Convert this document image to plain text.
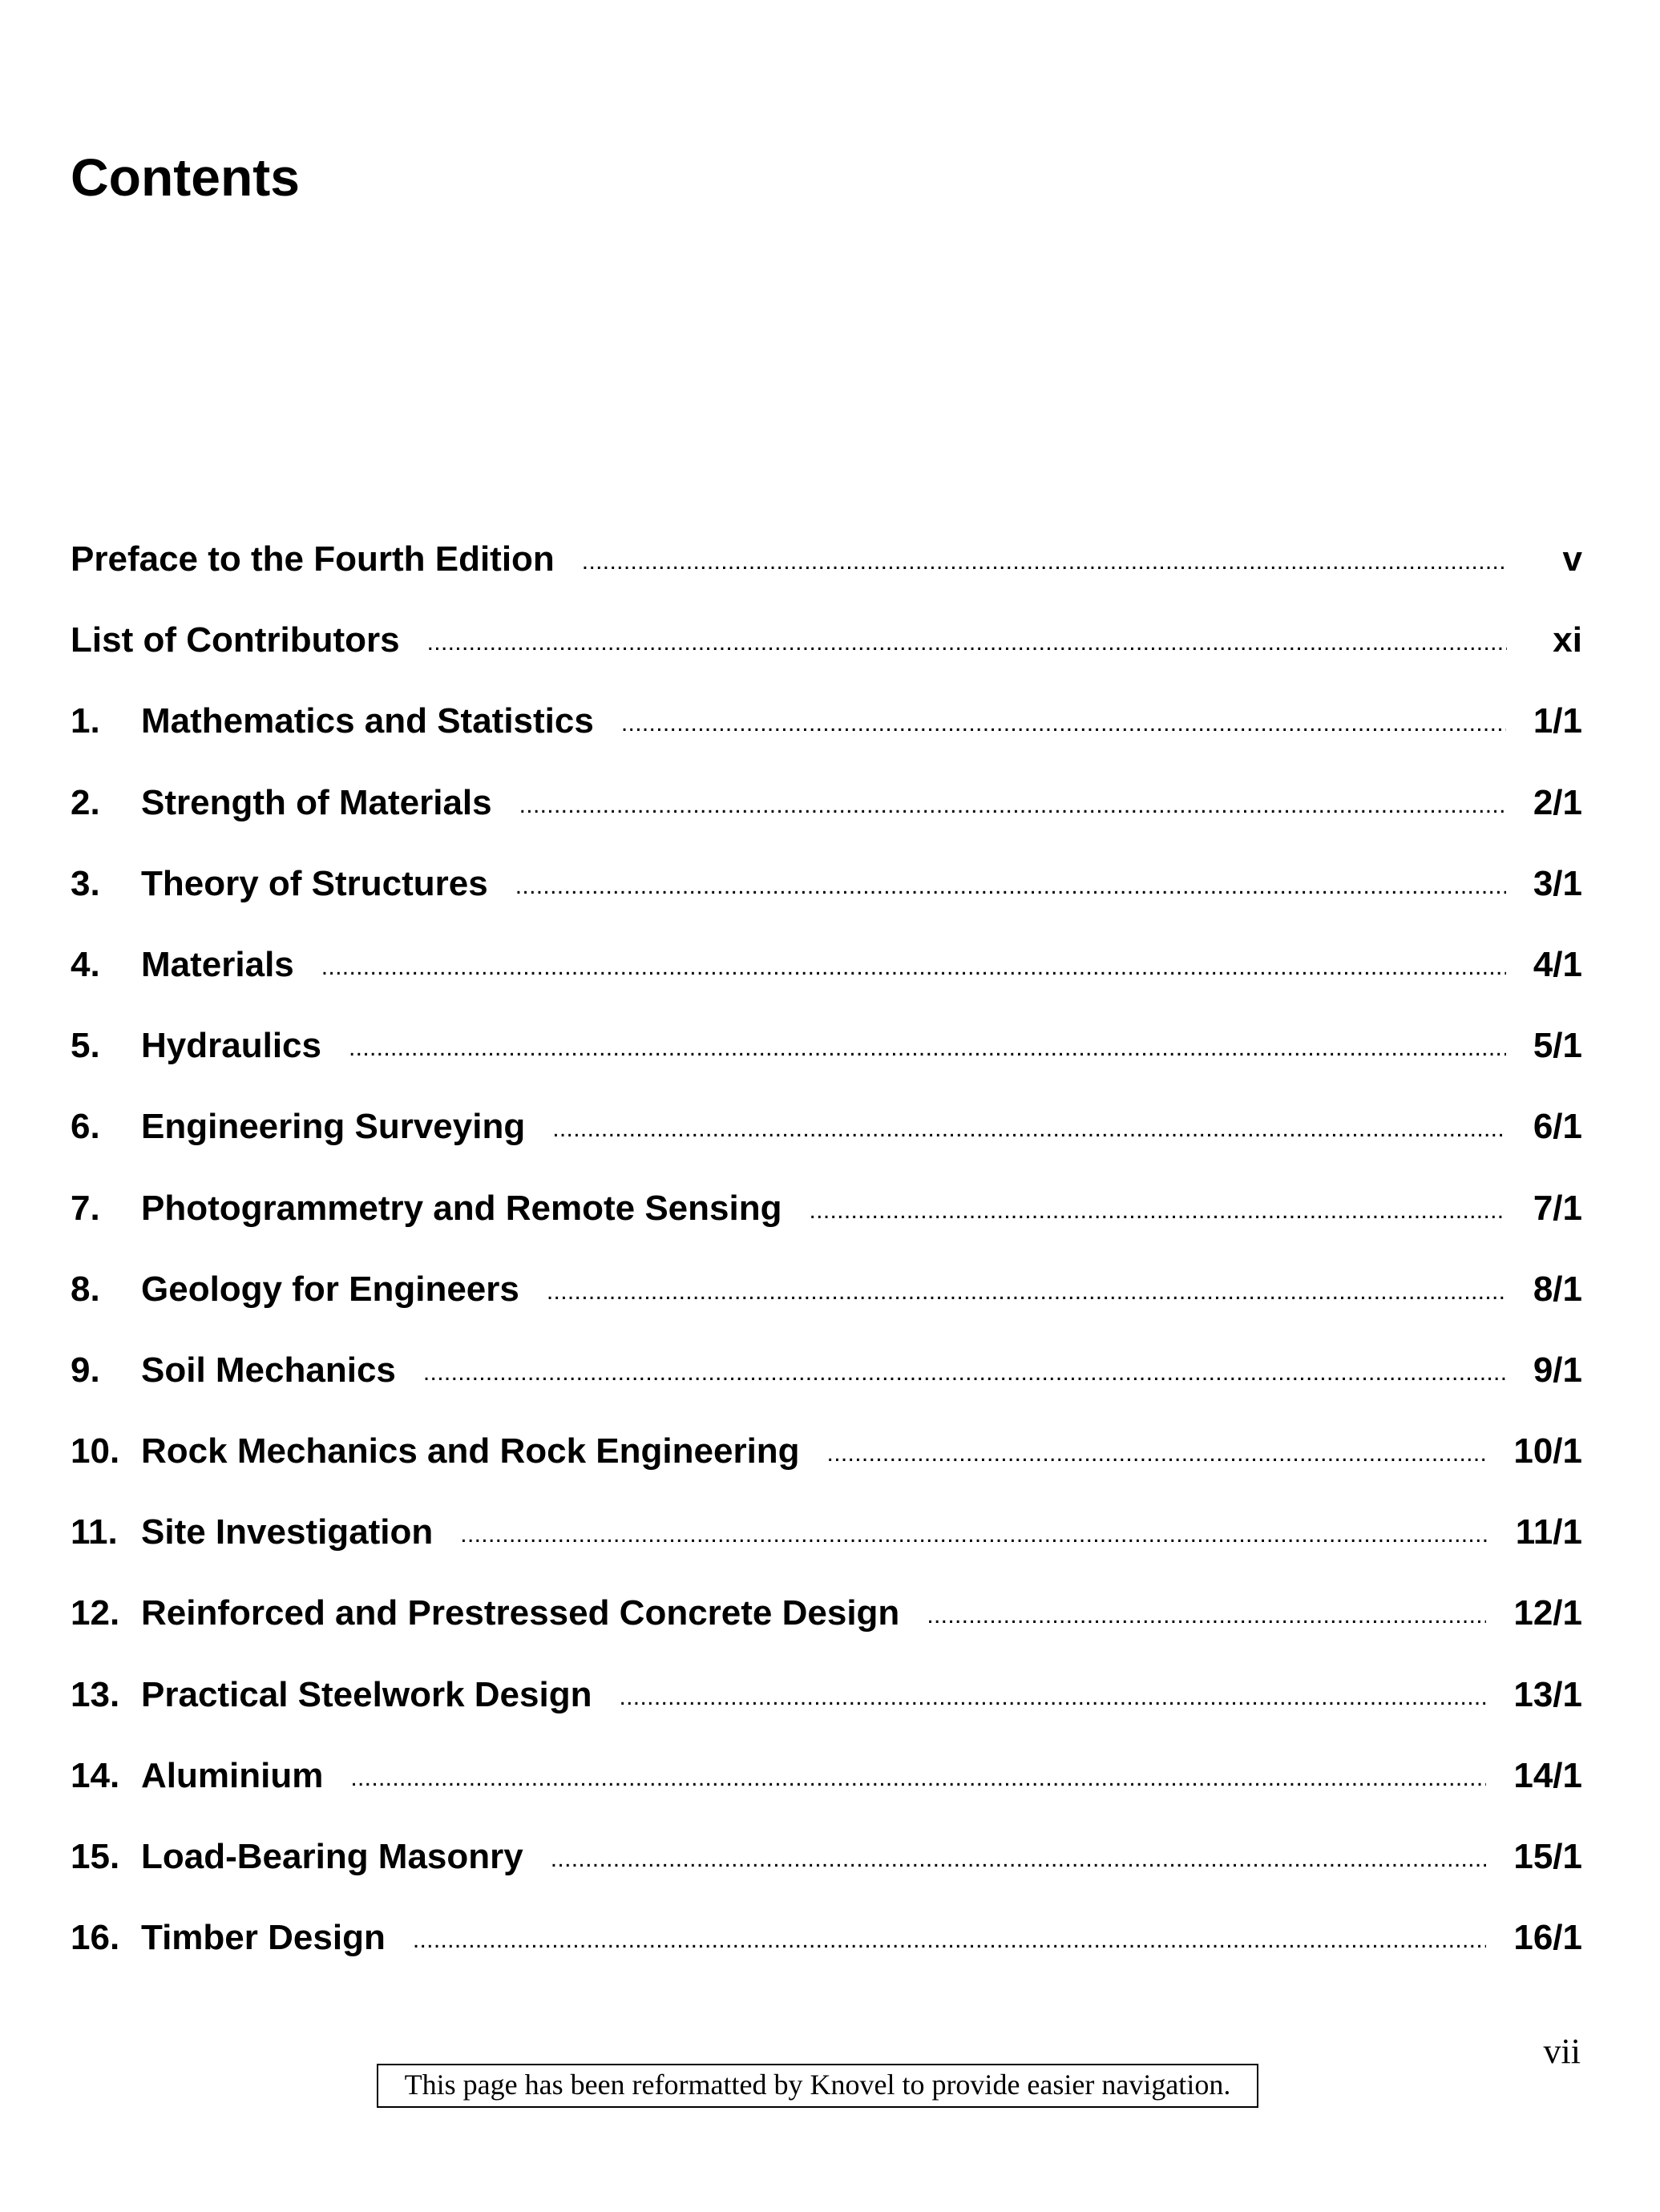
Contents
Preface to the Fourth Edition . . .	v
List of Contributors . . .	xi
1.	Mathematics and Statistics . . .	1/1
2.	Strength of Materials . . .	2/1
3.	Theory of Structures . . .	3/1
4.	Materials . . .	4/1
5.	Hydraulics . . .	5/1
6.	Engineering Surveying . . .	6/1
7.	Photogrammetry and Remote Sensing . . .	7/1
8.	Geology for Engineers . . .	8/1
9.	Soil Mechanics . . .	9/1
10. Rock Mechanics and Rock Engineering . . .	10/1
11. Site Investigation . . .	11/1
12. Reinforced and Prestressed Concrete Design . . .	12/1
13. Practical Steelwork Design . . .	13/1
14. Aluminium . . .	14/1
15. Load-Bearing Masonry . . .	15/1
16. Timber Design . . .	16/1
vii
This page has been reformatted by Knovel to provide easier navigation.
